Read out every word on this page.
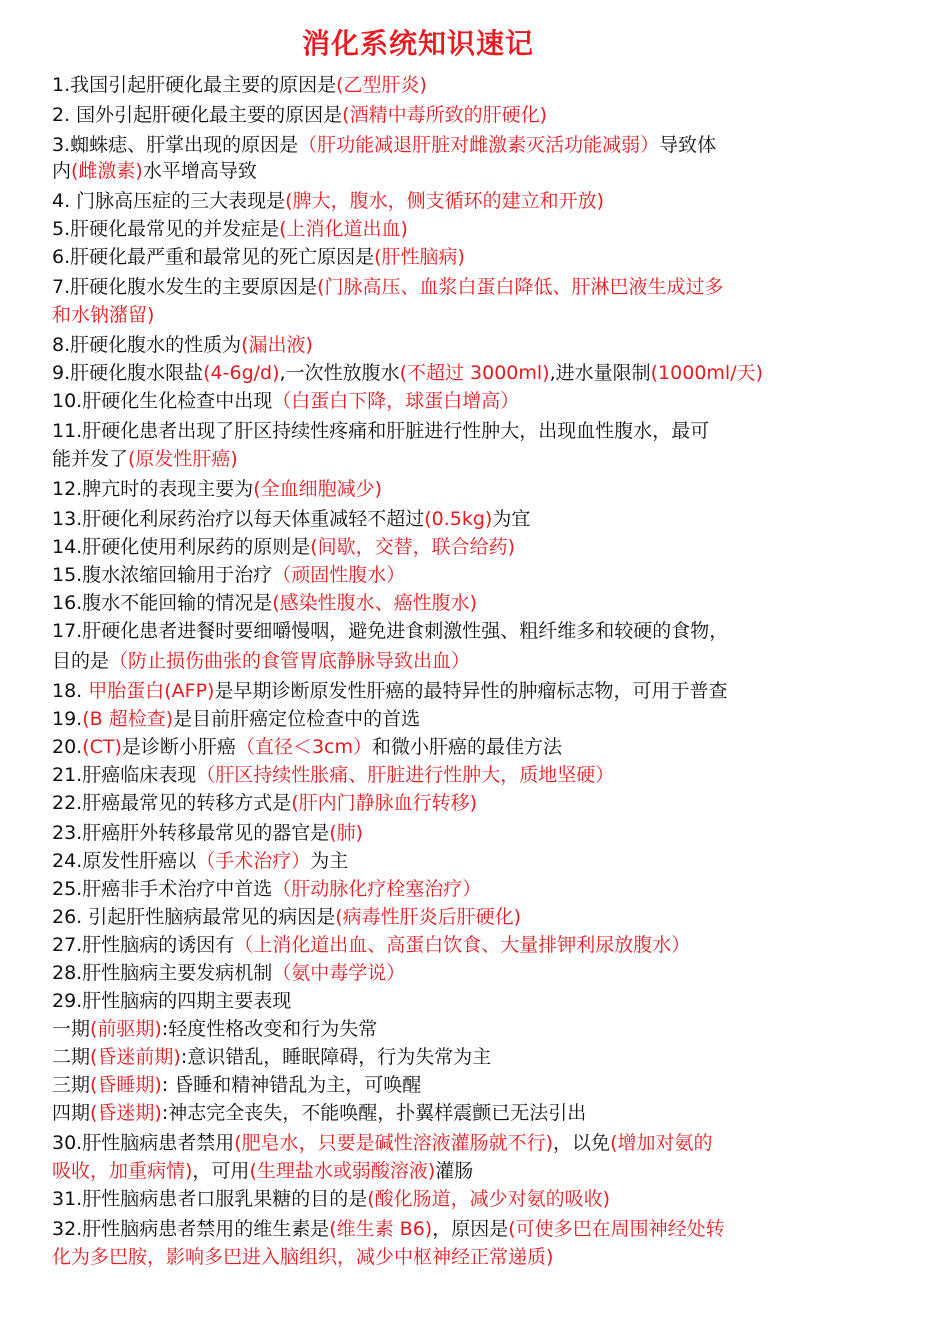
消化系统知识速记
1.我国引起肝硬化最主要的原因是(乙型肝炎)
2. 国外引起肝硬化最主要的原因是(酒精中毒所致的肝硬化)
3.蜘蛛痣、肝掌出现的原因是（肝功能减退肝脏对雌激素灭活功能减弱）导致体
内(雌激素)水平增高导致
4. 门脉高压症的三大表现是(脾大，腹水，侧支循环的建立和开放)
5.肝硬化最常见的并发症是(上消化道出血)
6.肝硬化最严重和最常见的死亡原因是(肝性脑病)
7.肝硬化腹水发生的主要原因是(门脉高压、血浆白蛋白降低、肝淋巴液生成过多
和水钠潴留)
8.肝硬化腹水的性质为(漏出液)
9.肝硬化腹水限盐(4-6g/d),一次性放腹水(不超过 3000ml),进水量限制(1000ml/天)
10.肝硬化生化检查中出现（白蛋白下降，球蛋白增高）
11.肝硬化患者出现了肝区持续性疼痛和肝脏进行性肿大，出现血性腹水，最可
能并发了(原发性肝癌)
12.脾亢时的表现主要为(全血细胞减少)
13.肝硬化利尿药治疗以每天体重减轻不超过(0.5kg)为宜
14.肝硬化使用利尿药的原则是(间歇，交替，联合给药)
15.腹水浓缩回输用于治疗（顽固性腹水）
16.腹水不能回输的情况是(感染性腹水、癌性腹水)
17.肝硬化患者进餐时要细嚼慢咽，避免进食刺激性强、粗纤维多和较硬的食物，
目的是（防止损伤曲张的食管胃底静脉导致出血）
18. 甲胎蛋白(AFP)是早期诊断原发性肝癌的最特异性的肿瘤标志物，可用于普查
19.(B 超检查)是目前肝癌定位检查中的首选
20.(CT)是诊断小肝癌（直径＜3cm）和微小肝癌的最佳方法
21.肝癌临床表现（肝区持续性胀痛、肝脏进行性肿大，质地坚硬）
22.肝癌最常见的转移方式是(肝内门静脉血行转移)
23.肝癌肝外转移最常见的器官是(肺)
24.原发性肝癌以（手术治疗）为主
25.肝癌非手术治疗中首选（肝动脉化疗栓塞治疗）
26. 引起肝性脑病最常见的病因是(病毒性肝炎后肝硬化)
27.肝性脑病的诱因有（上消化道出血、高蛋白饮食、大量排钾利尿放腹水）
28.肝性脑病主要发病机制（氨中毒学说）
29.肝性脑病的四期主要表现
一期(前驱期):轻度性格改变和行为失常
二期(昏迷前期):意识错乱，睡眠障碍，行为失常为主
三期(昏睡期): 昏睡和精神错乱为主，可唤醒
四期(昏迷期):神志完全丧失，不能唤醒，扑翼样震颤已无法引出
30.肝性脑病患者禁用(肥皂水，只要是碱性溶液灌肠就不行)，以免(增加对氨的
吸收，加重病情)，可用(生理盐水或弱酸溶液)灌肠
31.肝性脑病患者口服乳果糖的目的是(酸化肠道，减少对氨的吸收)
32.肝性脑病患者禁用的维生素是(维生素 B6)，原因是(可使多巴在周围神经处转
化为多巴胺，影响多巴进入脑组织，减少中枢神经正常递质)
